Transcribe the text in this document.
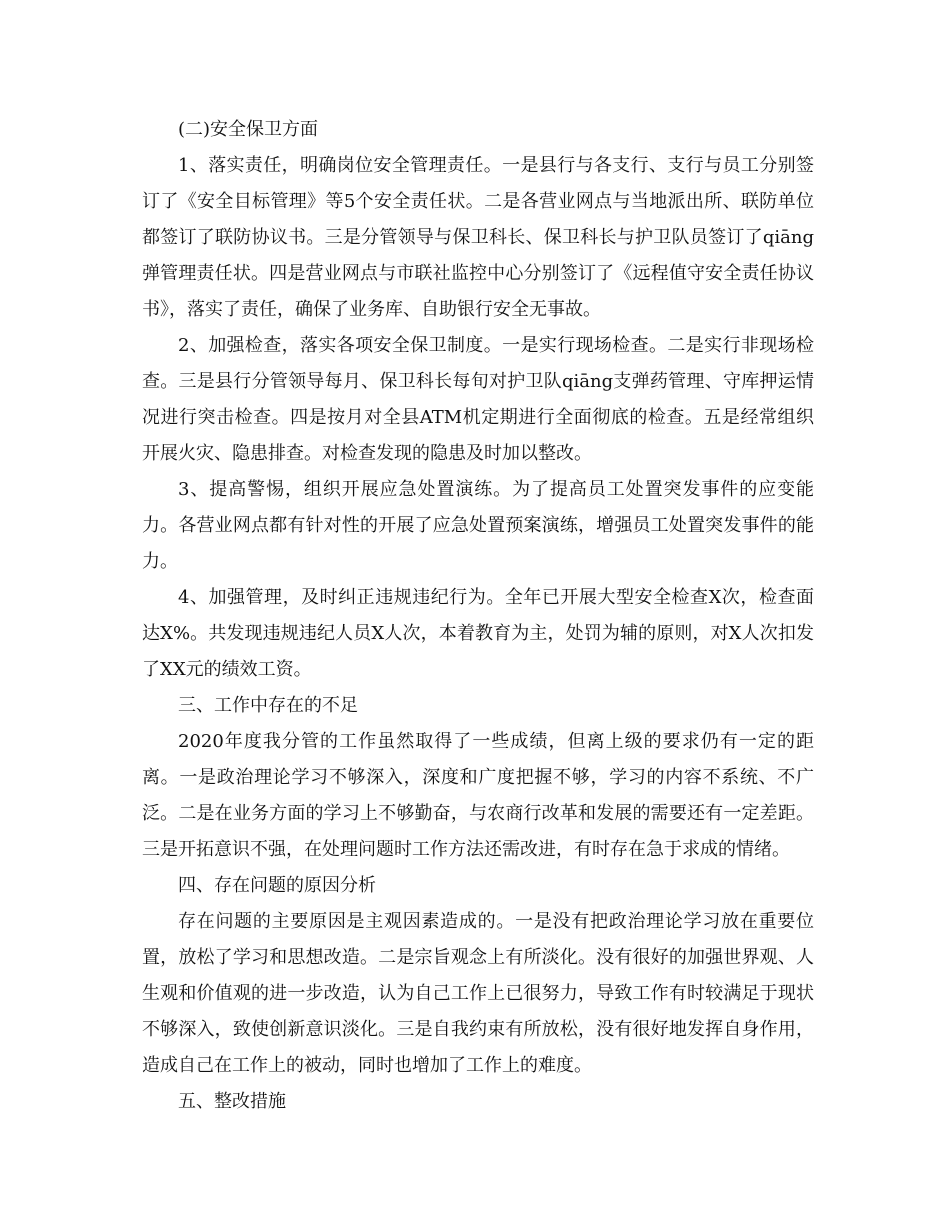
(二)安全保卫方面

1、落实责任，明确岗位安全管理责任。一是县行与各支行、支行与员工分别签订了《安全目标管理》等5个安全责任状。二是各营业网点与当地派出所、联防单位都签订了联防协议书。三是分管领导与保卫科长、保卫科长与护卫队员签订了qiāng弹管理责任状。四是营业网点与市联社监控中心分别签订了《远程值守安全责任协议书》，落实了责任，确保了业务库、自助银行安全无事故。

2、加强检查，落实各项安全保卫制度。一是实行现场检查。二是实行非现场检查。三是县行分管领导每月、保卫科长每旬对护卫队qiāng支弹药管理、守库押运情况进行突击检查。四是按月对全县ATM机定期进行全面彻底的检查。五是经常组织开展火灾、隐患排查。对检查发现的隐患及时加以整改。

3、提高警惕，组织开展应急处置演练。为了提高员工处置突发事件的应变能力。各营业网点都有针对性的开展了应急处置预案演练，增强员工处置突发事件的能力。

4、加强管理，及时纠正违规违纪行为。全年已开展大型安全检查X次，检查面达X%。共发现违规违纪人员X人次，本着教育为主，处罚为辅的原则，对X人次扣发了XX元的绩效工资。

三、工作中存在的不足

2020年度我分管的工作虽然取得了一些成绩，但离上级的要求仍有一定的距离。一是政治理论学习不够深入，深度和广度把握不够，学习的内容不系统、不广泛。二是在业务方面的学习上不够勤奋，与农商行改革和发展的需要还有一定差距。三是开拓意识不强，在处理问题时工作方法还需改进，有时存在急于求成的情绪。

四、存在问题的原因分析

存在问题的主要原因是主观因素造成的。一是没有把政治理论学习放在重要位置，放松了学习和思想改造。二是宗旨观念上有所淡化。没有很好的加强世界观、人生观和价值观的进一步改造，认为自己工作上已很努力，导致工作有时较满足于现状不够深入，致使创新意识淡化。三是自我约束有所放松，没有很好地发挥自身作用，造成自己在工作上的被动，同时也增加了工作上的难度。

五、整改措施
